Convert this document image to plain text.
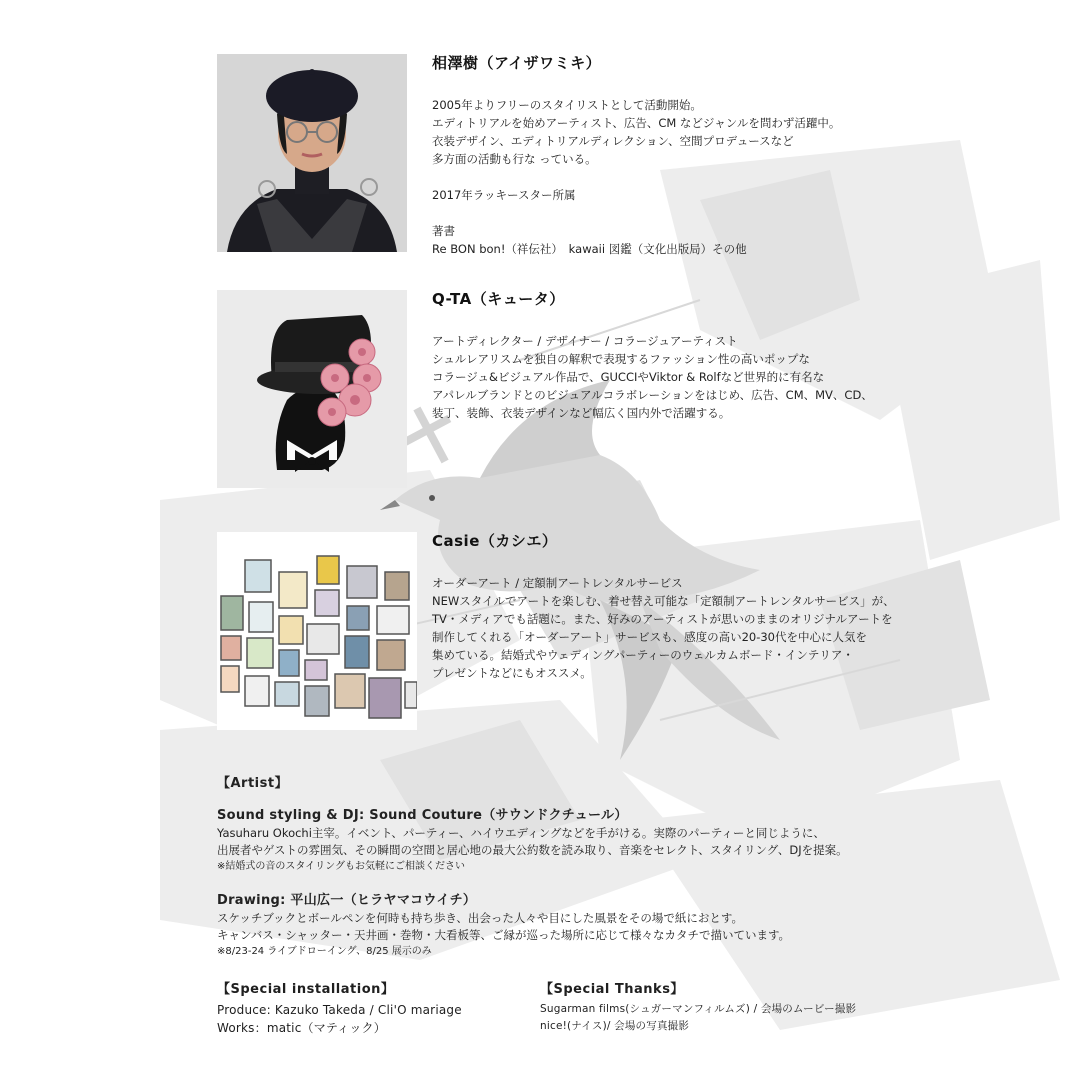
相澤樹（アイザワミキ）

2005年よりフリーのスタイリストとして活動開始。

エディトリアルを始めアーティスト、広告、CM などジャンルを問わず活躍中。

衣装デザイン、エディトリアルディレクション、空間プロデュースなど

多方面の活動も行な っている。

2017年ラッキースター所属

著書

Re BON bon!（祥伝社）　kawaii 図鑑（文化出版局）その他

Q-TA（キュータ）

アートディレクター / デザイナー / コラージュアーティスト

シュルレアリスムを独自の解釈で表現するファッション性の高いポップな

コラージュ&ビジュアル作品で、GUCCIやViktor & Rolfなど世界的に有名な

アパレルブランドとのビジュアルコラボレーションをはじめ、広告、CM、MV、CD、

装丁、装飾、衣装デザインなど幅広く国内外で活躍する。

Casie（カシエ）

オーダーアート / 定額制アートレンタルサービス

NEWスタイルでアートを楽しむ、着せ替え可能な「定額制アートレンタルサービス」が、

TV・メディアでも話題に。また、好みのアーティストが思いのままのオリジナルアートを

制作してくれる「オーダーアート」サービスも、感度の高い20-30代を中心に人気を

集めている。結婚式やウェディングパーティーのウェルカムボード・インテリア・

プレゼントなどにもオススメ。

【Artist】
Sound styling & DJ: Sound Couture（サウンドクチュール）

Yasuharu Okochi主宰。イベント、パーティー、ハイウエディングなどを手がける。実際のパーティーと同じように、

出展者やゲストの雰囲気、その瞬間の空間と居心地の最大公約数を読み取り、音楽をセレクト、スタイリング、DJを提案。

※結婚式の音のスタイリングもお気軽にご相談ください

Drawing: 平山広一（ヒラヤマコウイチ）

スケッチブックとボールペンを何時も持ち歩き、出会った人々や目にした風景をその場で紙におとす。

キャンバス・シャッター・天井画・巻物・大看板等、ご縁が巡った場所に応じて様々なカタチで描いています。

※8/23-24 ライブドローイング、8/25 展示のみ

【Special installation】

Produce: Kazuko Takeda / Cli'O mariage

Works：matic（マティック）

【Special Thanks】

Sugarman films(シュガーマンフィルムズ) / 会場のムービー撮影

nice!(ナイス)/ 会場の写真撮影
